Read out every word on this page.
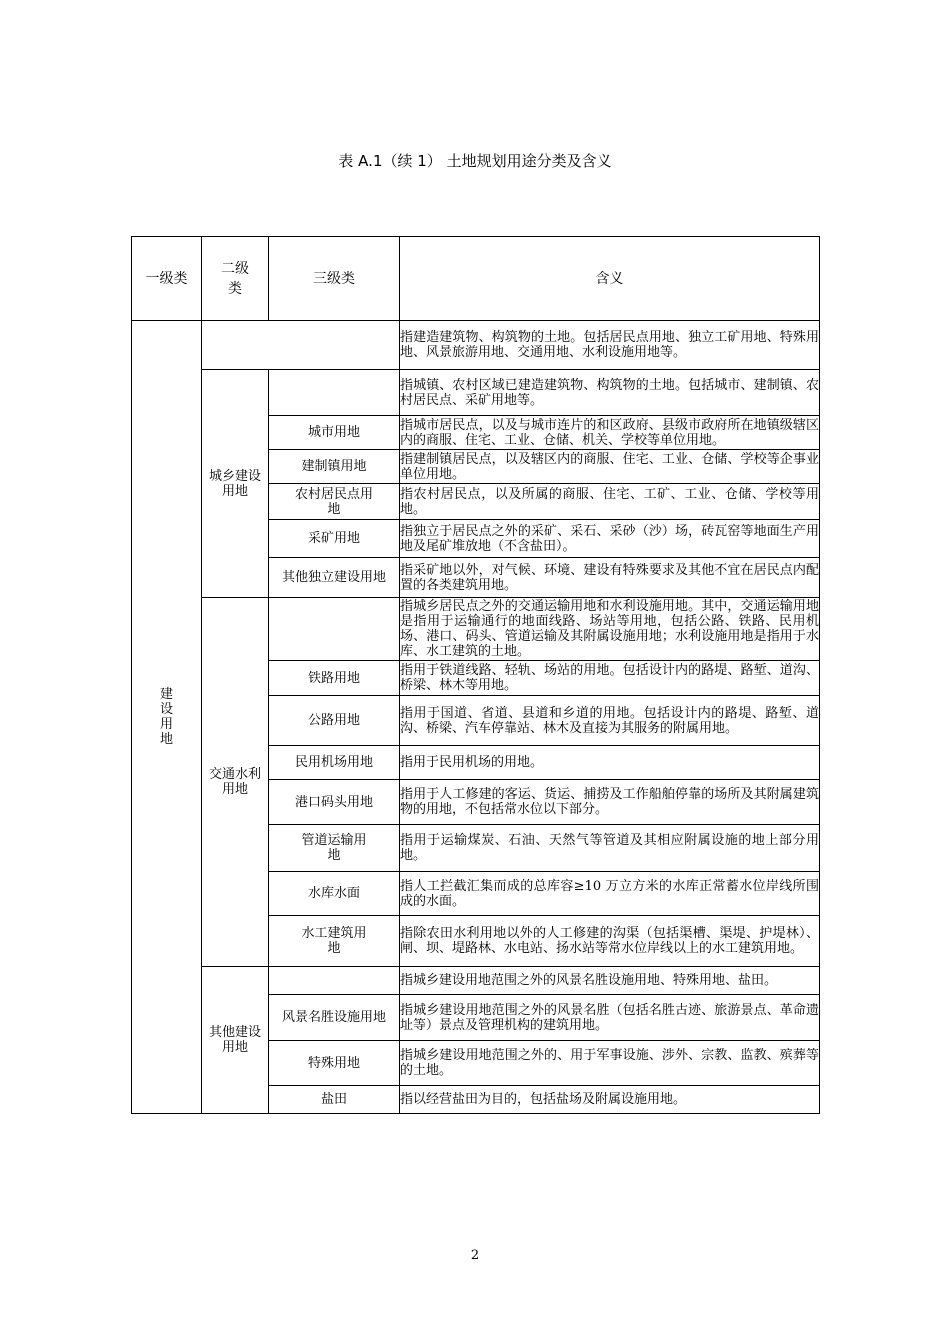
表 A.1（续 1） 土地规划用途分类及含义
一级类	二级类	三级类	含义
建设用地			指建造建筑物、构筑物的土地。包括居民点用地、独立工矿用地、特殊用地、风景旅游用地、交通用地、水利设施用地等。

	城乡建设用地		指城镇、农村区域已建造建筑物、构筑物的土地。包括城市、建制镇、农村居民点、采矿用地等。
		城市用地	指城市居民点，以及与城市连片的和区政府、县级市政府所在地镇级辖区内的商服、住宅、工业、仓储、机关、学校等单位用地。
		建制镇用地	指建制镇居民点，以及辖区内的商服、住宅、工业、仓储、学校等企事业单位用地。

		农村居民点用地	指农村居民点，以及所属的商服、住宅、工矿、工业、仓储、学校等用地。
		采矿用地	指独立于居民点之外的采矿、采石、采砂（沙）场，砖瓦窑等地面生产用地及尾矿堆放地（不含盐田）。
		其他独立建设用地	指采矿地以外，对气候、环境、建设有特殊要求及其他不宜在居民点内配置的各类建筑用地。

	交通水利用地		指城乡居民点之外的交通运输用地和水利设施用地。其中，交通运输用地是指用于运输通行的地面线路、场站等用地，包括公路、铁路、民用机场、港口、码头、管道运输及其附属设施用地；水利设施用地是指用于水库、水工建筑的土地。
		铁路用地	指用于铁道线路、轻轨、场站的用地。包括设计内的路堤、路堑、道沟、桥梁、林木等用地。
		公路用地	指用于国道、省道、县道和乡道的用地。包括设计内的路堤、路堑、道沟、桥梁、汽车停靠站、林木及直接为其服务的附属用地。
		民用机场用地	指用于民用机场的用地。
		港口码头用地	指用于人工修建的客运、货运、捕捞及工作船舶停靠的场所及其附属建筑物的用地，不包括常水位以下部分。

		管道运输用地	指用于运输煤炭、石油、天然气等管道及其相应附属设施的地上部分用地。
		水库水面	指人工拦截汇集而成的总库容≥10 万立方米的水库正常蓄水位岸线所围成的水面。

		水工建筑用地	指除农田水利用地以外的人工修建的沟渠（包括渠槽、渠堤、护堤林）、闸、坝、堤路林、水电站、扬水站等常水位岸线以上的水工建筑用地。

	其他建设用地		指城乡建设用地范围之外的风景名胜设施用地、特殊用地、盐田。
		风景名胜设施用地	指城乡建设用地范围之外的风景名胜（包括名胜古迹、旅游景点、革命遗址等）景点及管理机构的建筑用地。
		特殊用地	指城乡建设用地范围之外的、用于军事设施、涉外、宗教、监教、殡葬等的土地。
		盐田	指以经营盐田为目的，包括盐场及附属设施用地。
2
